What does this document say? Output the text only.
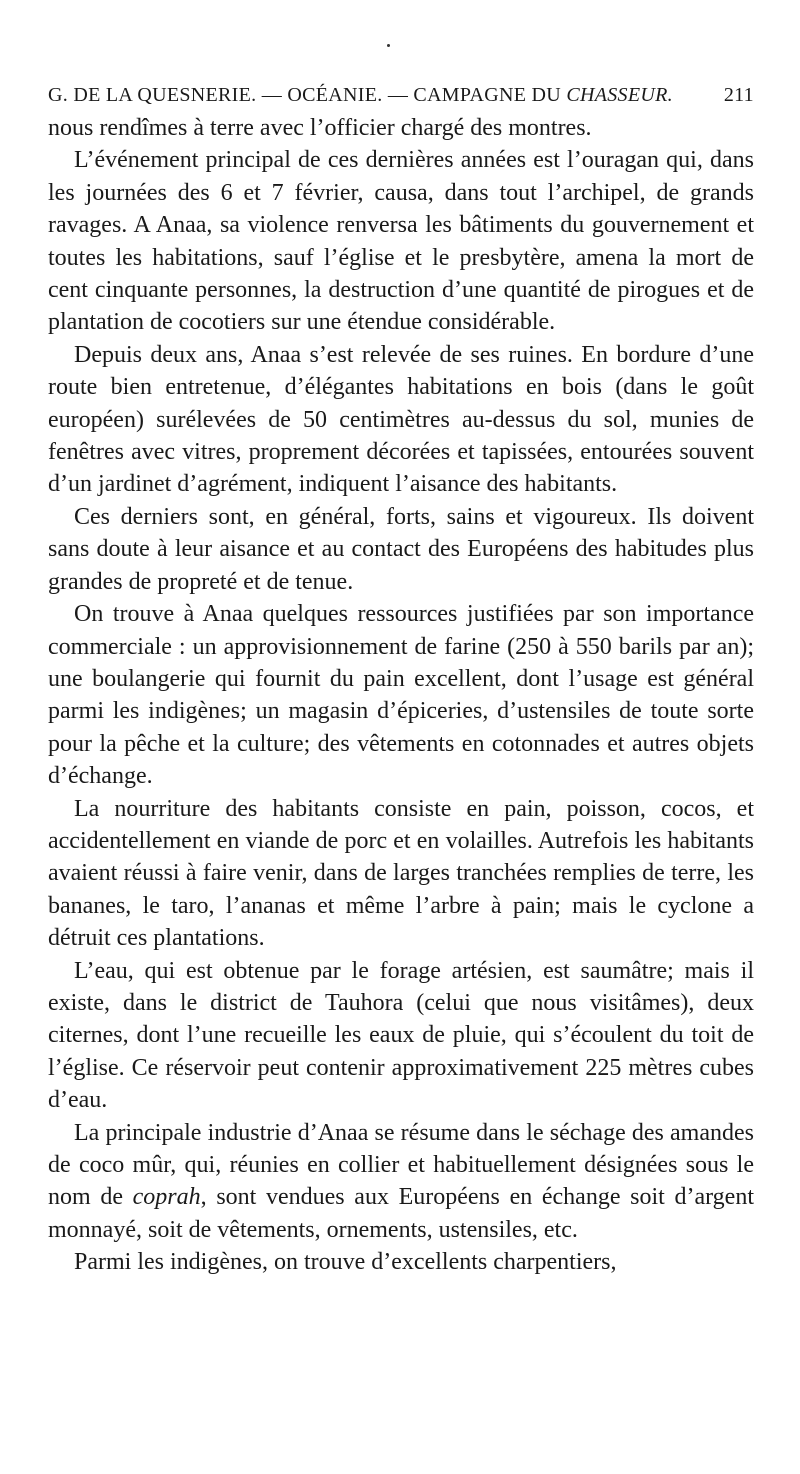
G. DE LA QUESNERIE. — OCÉANIE. — CAMPAGNE DU CHASSEUR.	211

nous rendîmes à terre avec l’officier chargé des montres.

L’événement principal de ces dernières années est l’ouragan qui, dans les journées des 6 et 7 février, causa, dans tout l’archipel, de grands ravages. A Anaa, sa violence renversa les bâtiments du gouvernement et toutes les habitations, sauf l’église et le presbytère, amena la mort de cent cinquante personnes, la destruction d’une quantité de pirogues et de plantation de cocotiers sur une étendue considérable.

Depuis deux ans, Anaa s’est relevée de ses ruines. En bordure d’une route bien entretenue, d’élégantes habitations en bois (dans le goût européen) surélevées de 50 centimètres au-dessus du sol, munies de fenêtres avec vitres, proprement décorées et tapissées, entourées souvent d’un jardinet d’agrément, indiquent l’aisance des habitants.

Ces derniers sont, en général, forts, sains et vigoureux. Ils doivent sans doute à leur aisance et au contact des Européens des habitudes plus grandes de propreté et de tenue.

On trouve à Anaa quelques ressources justifiées par son importance commerciale : un approvisionnement de farine (250 à 550 barils par an); une boulangerie qui fournit du pain excellent, dont l’usage est général parmi les indigènes; un magasin d’épiceries, d’ustensiles de toute sorte pour la pêche et la culture; des vêtements en cotonnades et autres objets d’échange.

La nourriture des habitants consiste en pain, poisson, cocos, et accidentellement en viande de porc et en volailles. Autrefois les habitants avaient réussi à faire venir, dans de larges tranchées remplies de terre, les bananes, le taro, l’ananas et même l’arbre à pain; mais le cyclone a détruit ces plantations.

L’eau, qui est obtenue par le forage artésien, est saumâtre; mais il existe, dans le district de Tauhora (celui que nous visitâmes), deux citernes, dont l’une recueille les eaux de pluie, qui s’écoulent du toit de l’église. Ce réservoir peut contenir approximativement 225 mètres cubes d’eau.

La principale industrie d’Anaa se résume dans le séchage des amandes de coco mûr, qui, réunies en collier et habituellement désignées sous le nom de coprah, sont vendues aux Européens en échange soit d’argent monnayé, soit de vêtements, ornements, ustensiles, etc.

Parmi les indigènes, on trouve d’excellents charpentiers,
